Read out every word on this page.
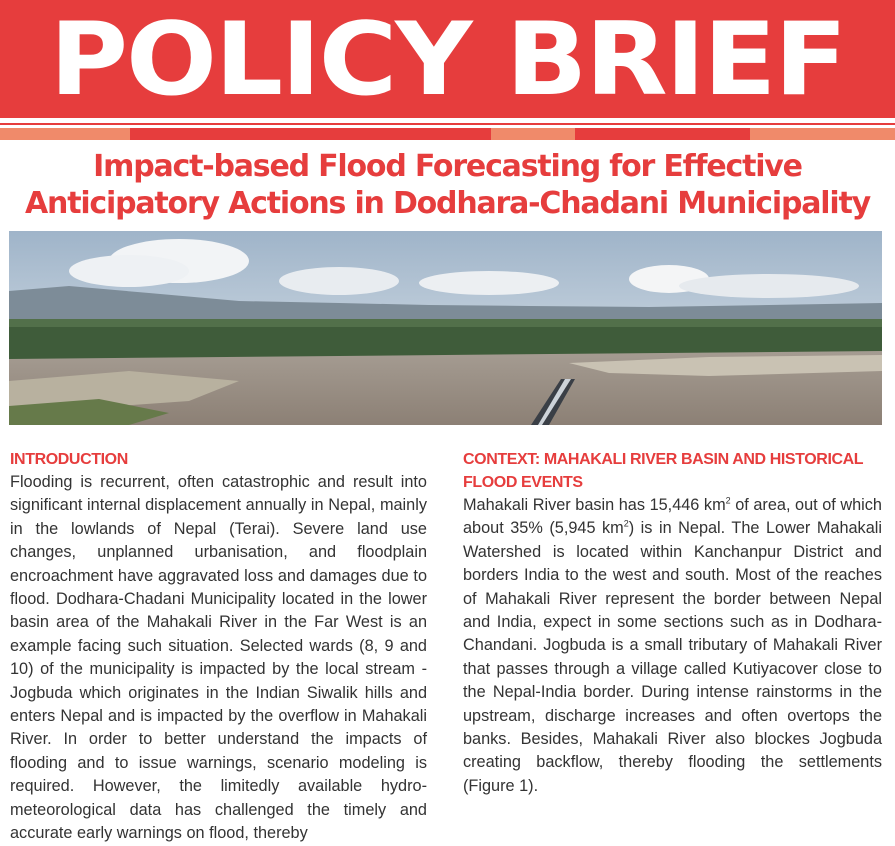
POLICY BRIEF
Impact-based Flood Forecasting for Effective
Anticipatory Actions in Dodhara-Chadani Municipality
INTRODUCTION

Flooding is recurrent, often catastrophic and result into significant internal displacement annually in Nepal, mainly in the lowlands of Nepal (Terai). Severe land use changes, unplanned urbanisation, and floodplain encroachment have aggravated loss and damages due to flood. Dodhara-Chadani Municipality located in the lower basin area of the Mahakali River in the Far West is an example facing such situation. Selected wards (8, 9 and 10) of the municipality is impacted by the local stream -Jogbuda which originates in the Indian Siwalik hills and enters Nepal and is impacted by the overflow in Mahakali River. In order to better understand the impacts of flooding and to issue warnings, scenario modeling is required. However, the limitedly available hydro-meteorological data has challenged the timely and accurate early warnings on flood, thereby

CONTEXT: MAHAKALI RIVER BASIN AND HISTORICAL FLOOD EVENTS

Mahakali River basin has 15,446 $km^2$ of area, out of which about 35% (5,945 $km^2$) is in Nepal. The Lower Mahakali Watershed is located within Kanchanpur District and borders India to the west and south. Most of the reaches of Mahakali River represent the border between Nepal and India, expect in some sections such as in Dodhara-Chandani. Jogbuda is a small tributary of Mahakali River that passes through a village called Kutiyacover close to the Nepal-India border. During intense rainstorms in the upstream, discharge increases and often overtops the banks. Besides, Mahakali River also blockes Jogbuda creating backflow, thereby flooding the settlements (Figure 1).
